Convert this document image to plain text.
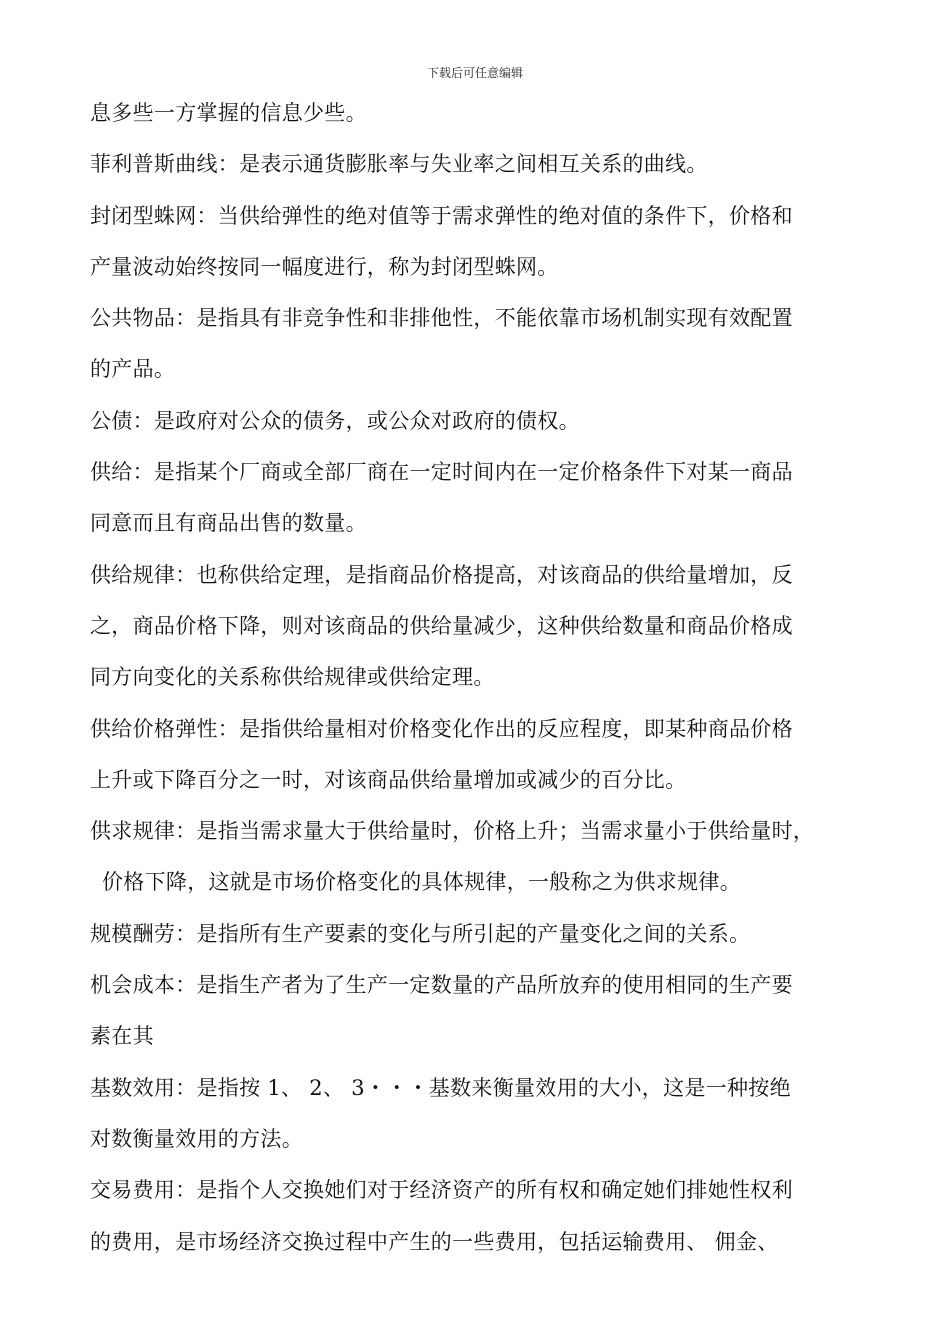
下载后可任意编辑
息多些一方掌握的信息少些。
菲利普斯曲线：是表示通货膨胀率与失业率之间相互关系的曲线。
封闭型蛛网：当供给弹性的绝对值等于需求弹性的绝对值的条件下，价格和
产量波动始终按同一幅度进行，称为封闭型蛛网。
公共物品：是指具有非竞争性和非排他性，不能依靠市场机制实现有效配置
的产品。
公债：是政府对公众的债务，或公众对政府的债权。
供给：是指某个厂商或全部厂商在一定时间内在一定价格条件下对某一商品
同意而且有商品出售的数量。
供给规律：也称供给定理，是指商品价格提高，对该商品的供给量增加，反
之，商品价格下降，则对该商品的供给量减少，这种供给数量和商品价格成
同方向变化的关系称供给规律或供给定理。
供给价格弹性：是指供给量相对价格变化作出的反应程度，即某种商品价格
上升或下降百分之一时，对该商品供给量增加或减少的百分比。
供求规律：是指当需求量大于供给量时，价格上升；当需求量小于供给量时，
价格下降，这就是市场价格变化的具体规律，一般称之为供求规律。
规模酬劳：是指所有生产要素的变化与所引起的产量变化之间的关系。
机会成本：是指生产者为了生产一定数量的产品所放弃的使用相同的生产要
素在其
基数效用：是指按 1、 2、 3・・・基数来衡量效用的大小，这是一种按绝
对数衡量效用的方法。
交易费用：是指个人交换她们对于经济资产的所有权和确定她们排她性权利
的费用，是市场经济交换过程中产生的一些费用，包括运输费用、 佣金、
